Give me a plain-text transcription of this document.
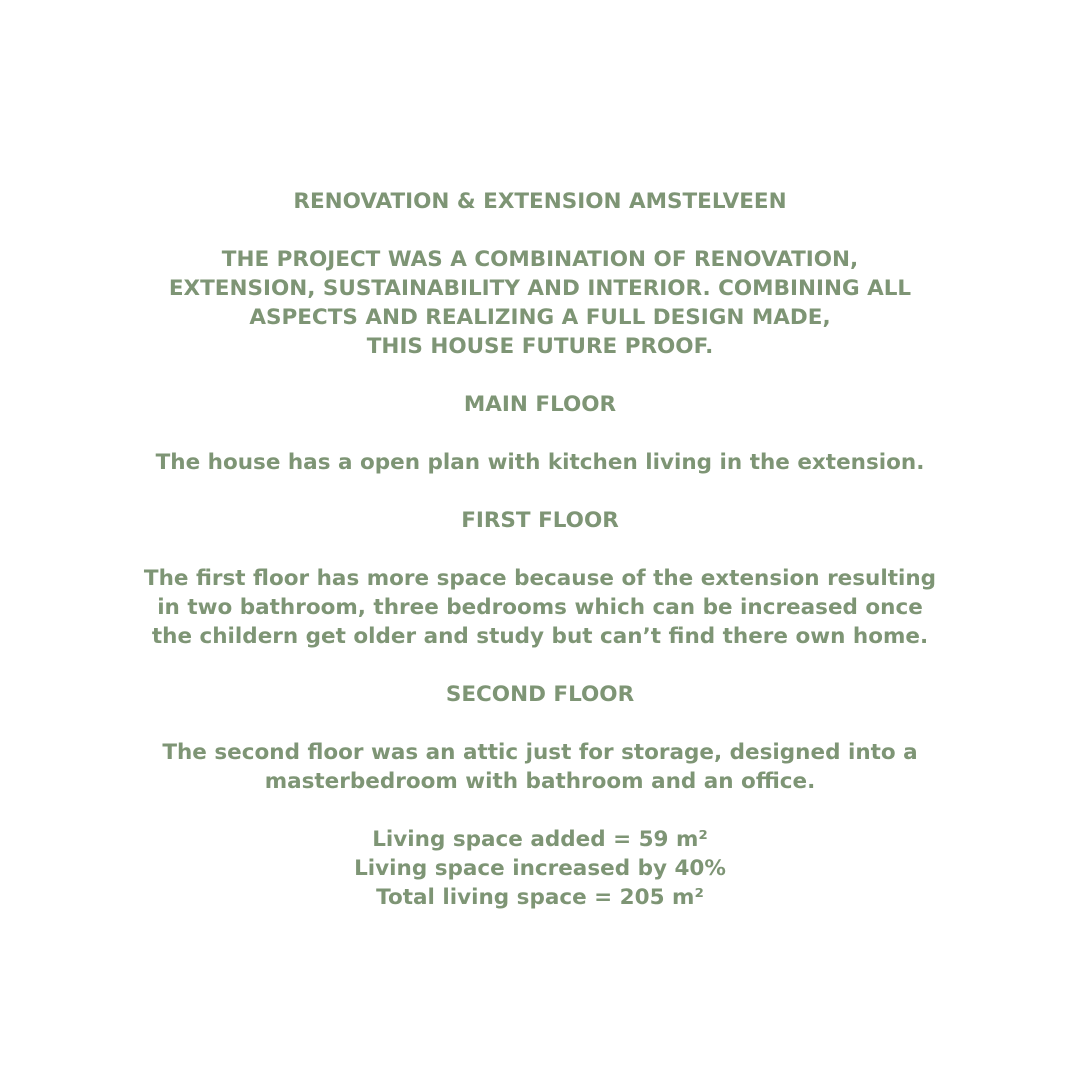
RENOVATION & EXTENSION AMSTELVEEN
THE PROJECT WAS A COMBINATION OF RENOVATION,
EXTENSION, SUSTAINABILITY AND INTERIOR. COMBINING ALL
ASPECTS AND REALIZING A FULL DESIGN MADE,
THIS HOUSE FUTURE PROOF.
MAIN FLOOR
The house has a open plan with kitchen living in the extension.
FIRST FLOOR
The first floor has more space because of the extension resulting
in two bathroom, three bedrooms which can be increased once
the childern get older and study but can’t find there own home.
SECOND FLOOR
The second floor was an attic just for storage, designed into a
masterbedroom with bathroom and an office.
Living space added = 59 m²
Living space increased by 40%
Total living space = 205 m²
